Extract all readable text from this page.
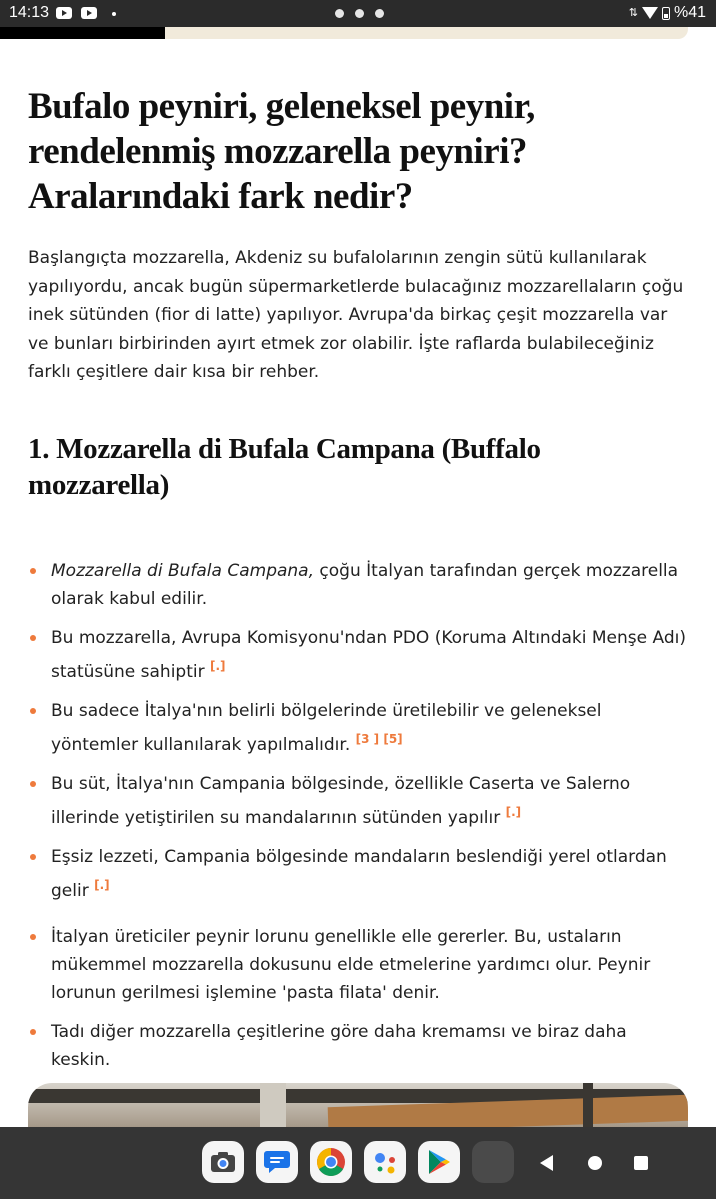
14:13	⇅ %41
Bufalo peyniri, geleneksel peynir, rendelenmiş mozzarella peyniri? Aralarındaki fark nedir?

Başlangıçta mozzarella, Akdeniz su bufalolarının zengin sütü kullanılarak yapılıyordu, ancak bugün süpermarketlerde bulacağınız mozzarellaların çoğu inek sütünden (fior di latte) yapılıyor. Avrupa'da birkaç çeşit mozzarella var ve bunları birbirinden ayırt etmek zor olabilir. İşte raflarda bulabileceğiniz farklı çeşitlere dair kısa bir rehber.

1. Mozzarella di Bufala Campana (Buffalo mozzarella)
Mozzarella di Bufala Campana, çoğu İtalyan tarafından gerçek mozzarella olarak kabul edilir.
Bu mozzarella, Avrupa Komisyonu'ndan PDO (Koruma Altındaki Menşe Adı) statüsüne sahiptir [.]
Bu sadece İtalya'nın belirli bölgelerinde üretilebilir ve geleneksel yöntemler kullanılarak yapılmalıdır. [3 ] [5]
Bu süt, İtalya'nın Campania bölgesinde, özellikle Caserta ve Salerno illerinde yetiştirilen su mandalarının sütünden yapılır [.]
Eşsiz lezzeti, Campania bölgesinde mandaların beslendiği yerel otlardan gelir [.]
İtalyan üreticiler peynir lorunu genellikle elle gererler. Bu, ustaların mükemmel mozzarella dokusunu elde etmelerine yardımcı olur. Peynir lorunun gerilmesi işlemine 'pasta filata' denir.
Tadı diğer mozzarella çeşitlerine göre daha kremamsı ve biraz daha keskin.
